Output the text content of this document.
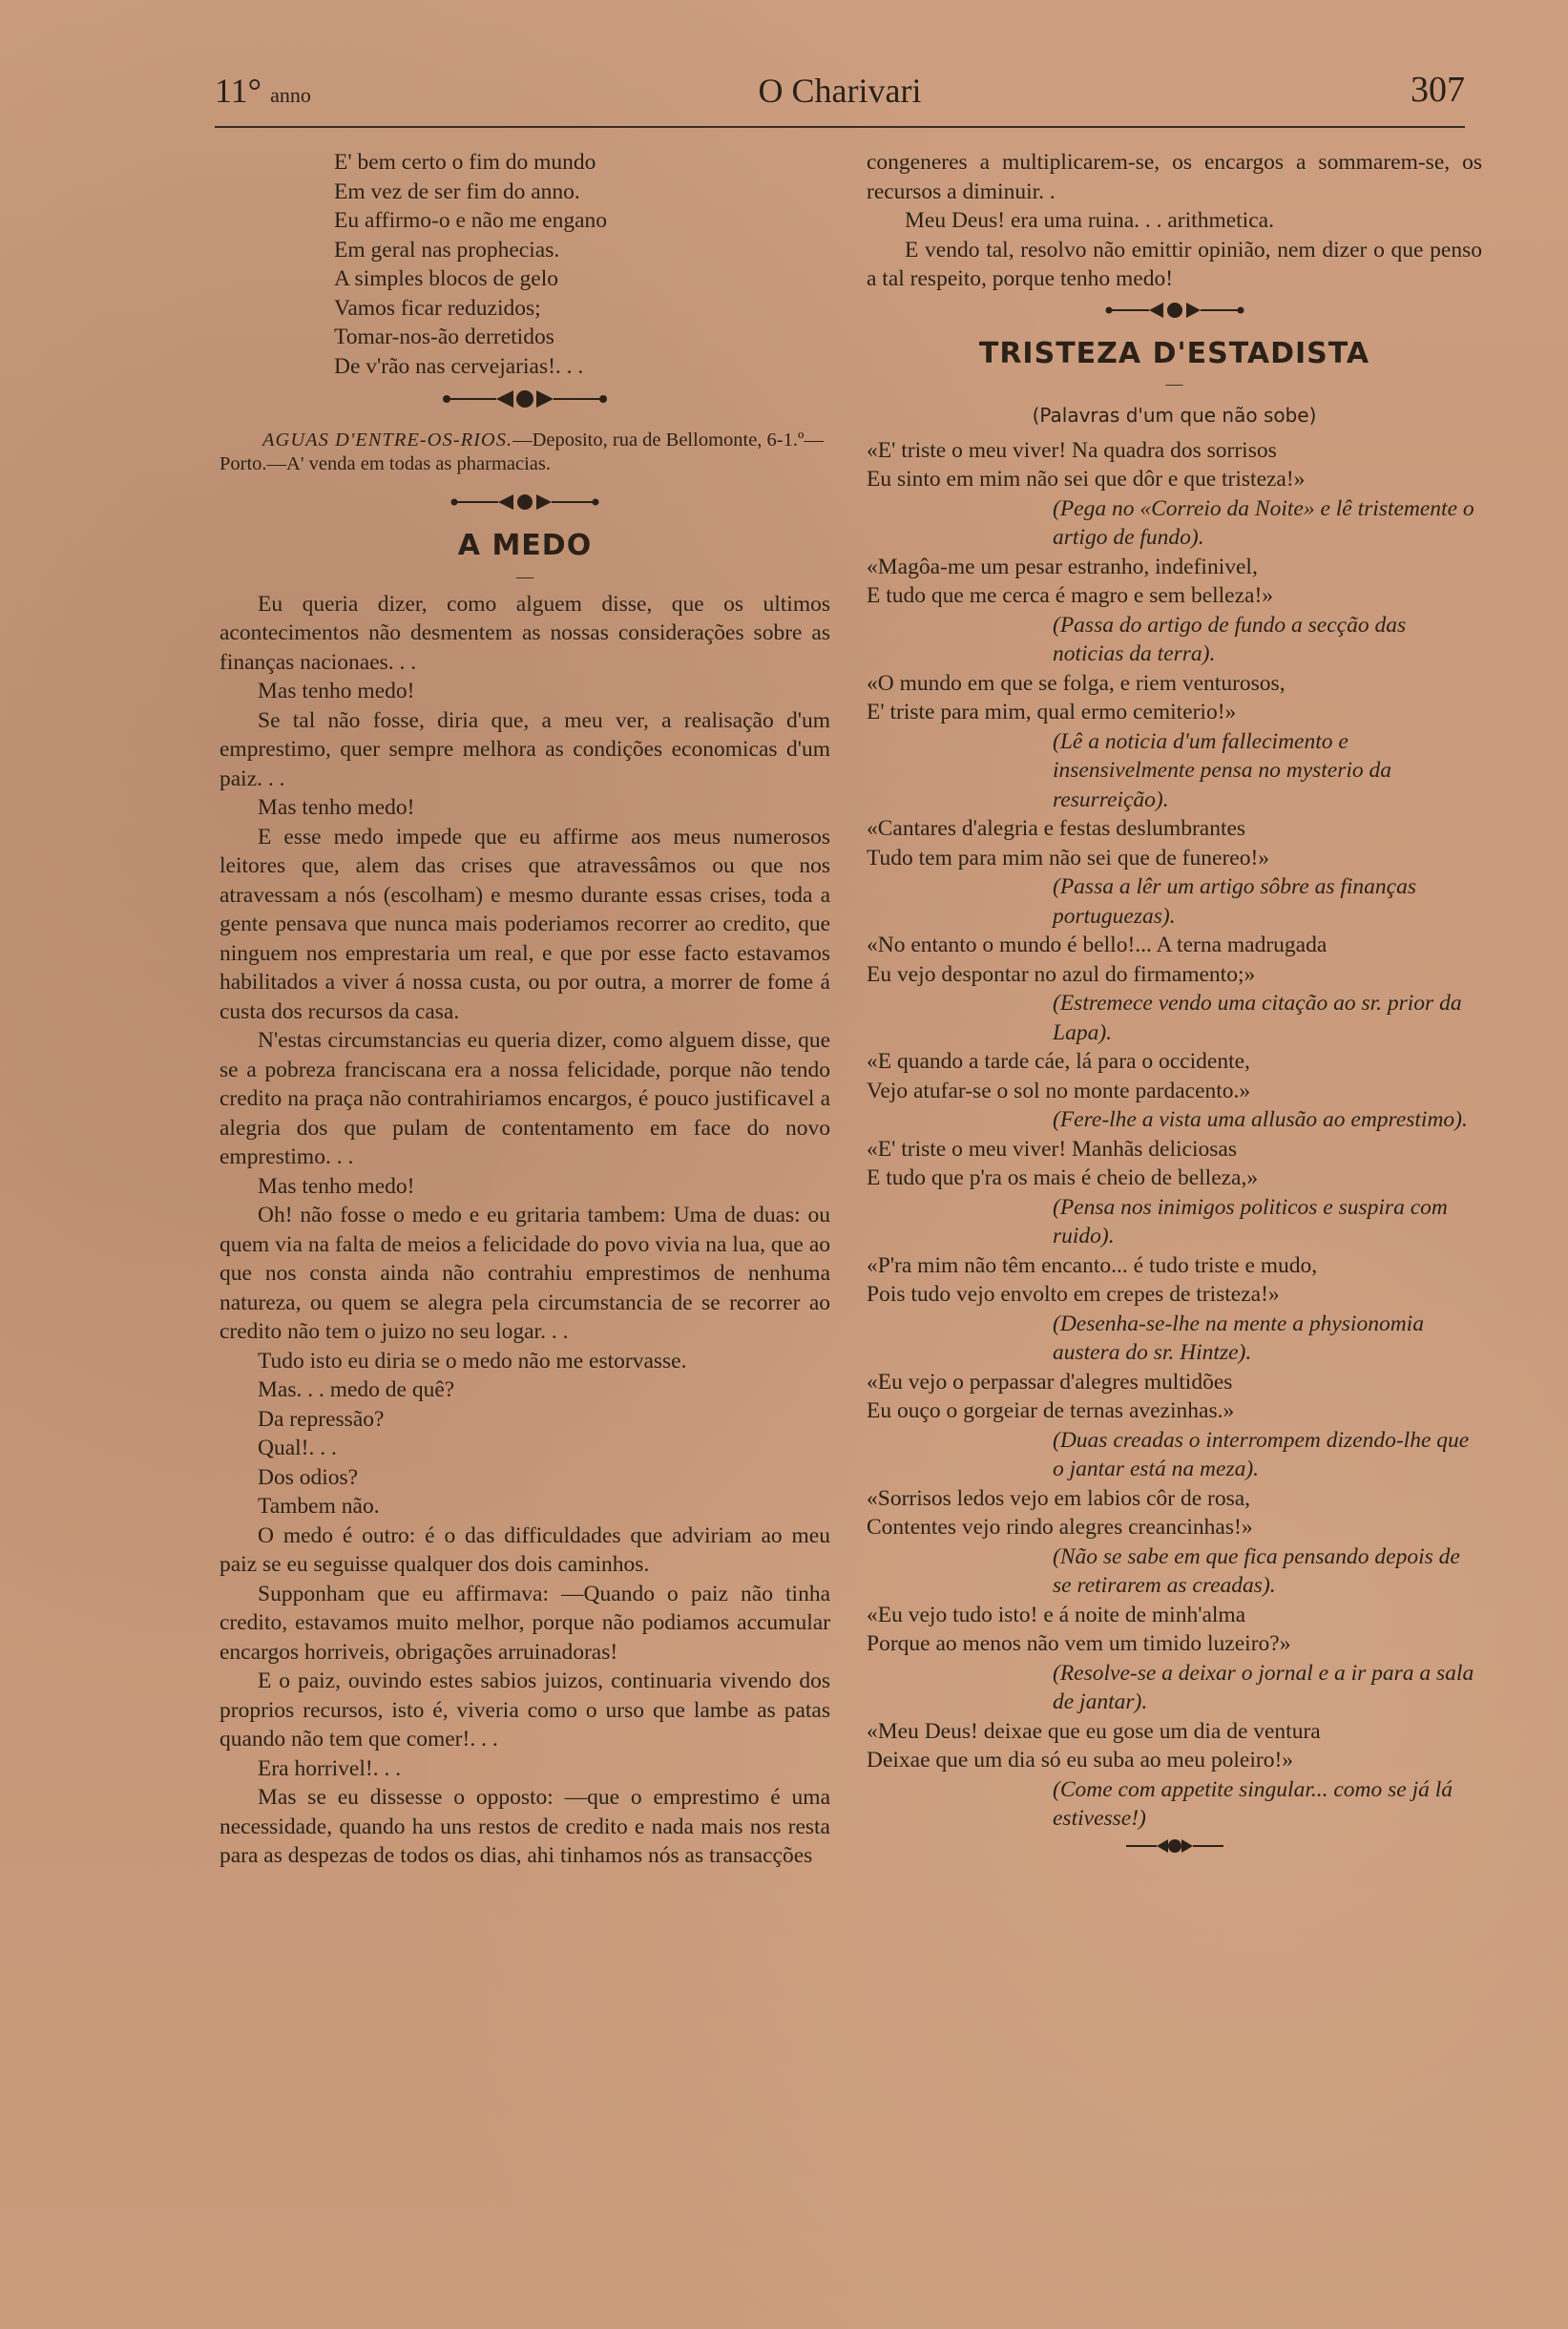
11° anno	O Charivari	307
E' bem certo o fim do mundo
Em vez de ser fim do anno.
Eu affirmo-o e não me engano
Em geral nas prophecias.
A simples blocos de gelo
Vamos ficar reduzidos;
Tomar-nos-ão derretidos
De v'rão nas cervejarias!. . .
AGUAS D'ENTRE-OS-RIOS.—Deposito, rua de Bellomonte, 6-1.º—Porto.—A' venda em todas as pharmacias.
A MEDO
—

Eu queria dizer, como alguem disse, que os ultimos acontecimentos não desmentem as nossas considerações sobre as finanças nacionaes. . .

Mas tenho medo!

Se tal não fosse, diria que, a meu ver, a realisação d'um emprestimo, quer sempre melhora as condições economicas d'um paiz. . .

Mas tenho medo!

E esse medo impede que eu affirme aos meus numerosos leitores que, alem das crises que atravessâmos ou que nos atravessam a nós (escolham) e mesmo durante essas crises, toda a gente pensava que nunca mais poderiamos recorrer ao credito, que ninguem nos emprestaria um real, e que por esse facto estavamos habilitados a viver á nossa custa, ou por outra, a morrer de fome á custa dos recursos da casa.

N'estas circumstancias eu queria dizer, como alguem disse, que se a pobreza franciscana era a nossa felicidade, porque não tendo credito na praça não contrahiriamos encargos, é pouco justificavel a alegria dos que pulam de contentamento em face do novo emprestimo. . .

Mas tenho medo!

Oh! não fosse o medo e eu gritaria tambem: Uma de duas: ou quem via na falta de meios a felicidade do povo vivia na lua, que ao que nos consta ainda não contrahiu emprestimos de nenhuma natureza, ou quem se alegra pela circumstancia de se recorrer ao credito não tem o juizo no seu logar. . .

Tudo isto eu diria se o medo não me estorvasse.

Mas. . . medo de quê?

Da repressão?

Qual!. . .

Dos odios?

Tambem não.

O medo é outro: é o das difficuldades que adviriam ao meu paiz se eu seguisse qualquer dos dois caminhos.

Supponham que eu affirmava: —Quando o paiz não tinha credito, estavamos muito melhor, porque não podiamos accumular encargos horriveis, obrigações arruinadoras!

E o paiz, ouvindo estes sabios juizos, continuaria vivendo dos proprios recursos, isto é, viveria como o urso que lambe as patas quando não tem que comer!. . .

Era horrivel!. . .

Mas se eu dissesse o opposto: —que o emprestimo é uma necessidade, quando ha uns restos de credito e nada mais nos resta para as despezas de todos os dias, ahi tinhamos nós as transacções

congeneres a multiplicarem-se, os encargos a sommarem-se, os recursos a diminuir. .

Meu Deus! era uma ruina. . . arithmetica.

E vendo tal, resolvo não emittir opinião, nem dizer o que penso a tal respeito, porque tenho medo!

TRISTEZA D'ESTADISTA
—
(Palavras d'um que não sobe)
«E' triste o meu viver! Na quadra dos sorrisos
Eu sinto em mim não sei que dôr e que tristeza!»
(Pega no «Correio da Noite» e lê tristemente o artigo de fundo).
«Magôa-me um pesar estranho, indefinivel,
E tudo que me cerca é magro e sem belleza!»
(Passa do artigo de fundo a secção das noticias da terra).
«O mundo em que se folga, e riem venturosos,
E' triste para mim, qual ermo cemiterio!»
(Lê a noticia d'um fallecimento e insensivelmente pensa no mysterio da resurreição).
«Cantares d'alegria e festas deslumbrantes
Tudo tem para mim não sei que de funereo!»
(Passa a lêr um artigo sôbre as finanças portuguezas).
«No entanto o mundo é bello!... A terna madrugada
Eu vejo despontar no azul do firmamento;»
(Estremece vendo uma citação ao sr. prior da Lapa).
«E quando a tarde cáe, lá para o occidente,
Vejo atufar-se o sol no monte pardacento.»
(Fere-lhe a vista uma allusão ao emprestimo).
«E' triste o meu viver! Manhãs deliciosas
E tudo que p'ra os mais é cheio de belleza,»
(Pensa nos inimigos politicos e suspira com ruido).
«P'ra mim não têm encanto... é tudo triste e mudo,
Pois tudo vejo envolto em crepes de tristeza!»
(Desenha-se-lhe na mente a physionomia austera do sr. Hintze).
«Eu vejo o perpassar d'alegres multidões
Eu ouço o gorgeiar de ternas avezinhas.»
(Duas creadas o interrompem dizendo-lhe que o jantar está na meza).
«Sorrisos ledos vejo em labios côr de rosa,
Contentes vejo rindo alegres creancinhas!»
(Não se sabe em que fica pensando depois de se retirarem as creadas).
«Eu vejo tudo isto! e á noite de minh'alma
Porque ao menos não vem um timido luzeiro?»
(Resolve-se a deixar o jornal e a ir para a sala de jantar).
«Meu Deus! deixae que eu gose um dia de ventura
Deixae que um dia só eu suba ao meu poleiro!»
(Come com appetite singular... como se já lá estivesse!)
